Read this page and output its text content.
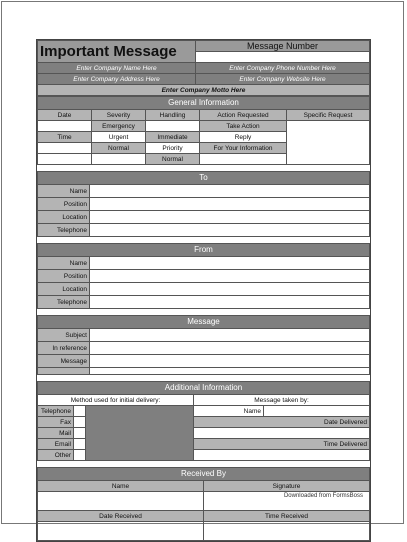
Important Message	Message Number

Enter Company Name Here	Enter Company Phone Number Here
Enter Company Address Here	Enter Company Website Here
Enter Company Motto Here	
General Information				
Date	Severity	Handling	Action Requested	Specific Request
	Emergency		Take Action	
Time	Urgent	Immediate	Reply	
	Normal	Priority	For Your Information	
		Normal		
To	
Name	
Position	
Location	
Telephone	
From	
Name	
Position	
Location	
Telephone	
Message	
Subject	
In reference	
Message	

Additional Information				
Method used for initial delivery:			Message taken by:	
Telephone			Name	
Fax			Date Delivered	
Mail				
Email			Time Delivered	
Other				
Received By	
Name	Signature

Date Received	Time Received

Downloaded from FormsBoss
